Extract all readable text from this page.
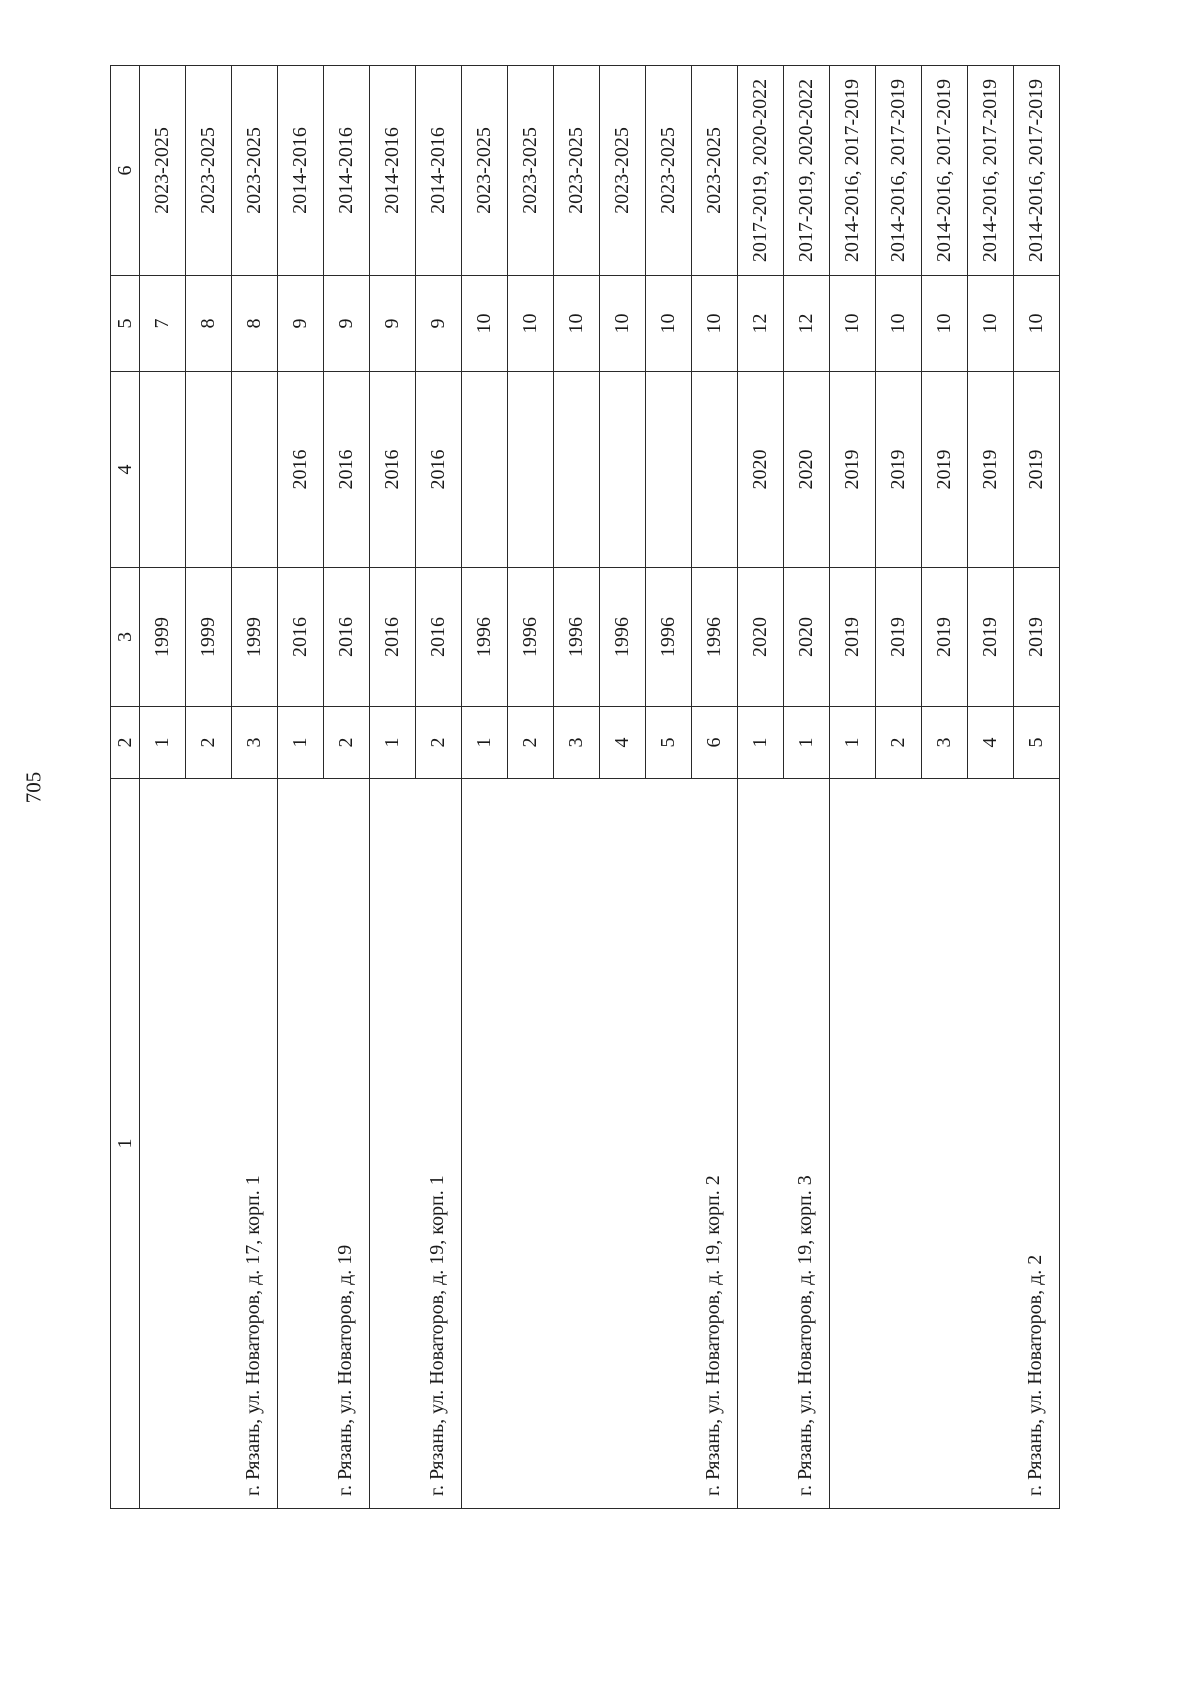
705
1	2	3	4	5	6
г. Рязань, ул. Новаторов, д. 17, корп. 1	1	1999		7	2023-2025
	2	1999		8	2023-2025
	3	1999		8	2023-2025
г. Рязань, ул. Новаторов, д. 19	1	2016	2016	9	2014-2016
	2	2016	2016	9	2014-2016
г. Рязань, ул. Новаторов, д. 19, корп. 1	1	2016	2016	9	2014-2016
	2	2016	2016	9	2014-2016
г. Рязань, ул. Новаторов, д. 19, корп. 2	1	1996		10	2023-2025
	2	1996		10	2023-2025
	3	1996		10	2023-2025
	4	1996		10	2023-2025
	5	1996		10	2023-2025
	6	1996		10	2023-2025
г. Рязань, ул. Новаторов, д. 19, корп. 3	1	2020	2020	12	2017-2019, 2020-2022
	1	2020	2020	12	2017-2019, 2020-2022
г. Рязань, ул. Новаторов, д. 2	1	2019	2019	10	2014-2016, 2017-2019
	2	2019	2019	10	2014-2016, 2017-2019
	3	2019	2019	10	2014-2016, 2017-2019
	4	2019	2019	10	2014-2016, 2017-2019
	5	2019	2019	10	2014-2016, 2017-2019
